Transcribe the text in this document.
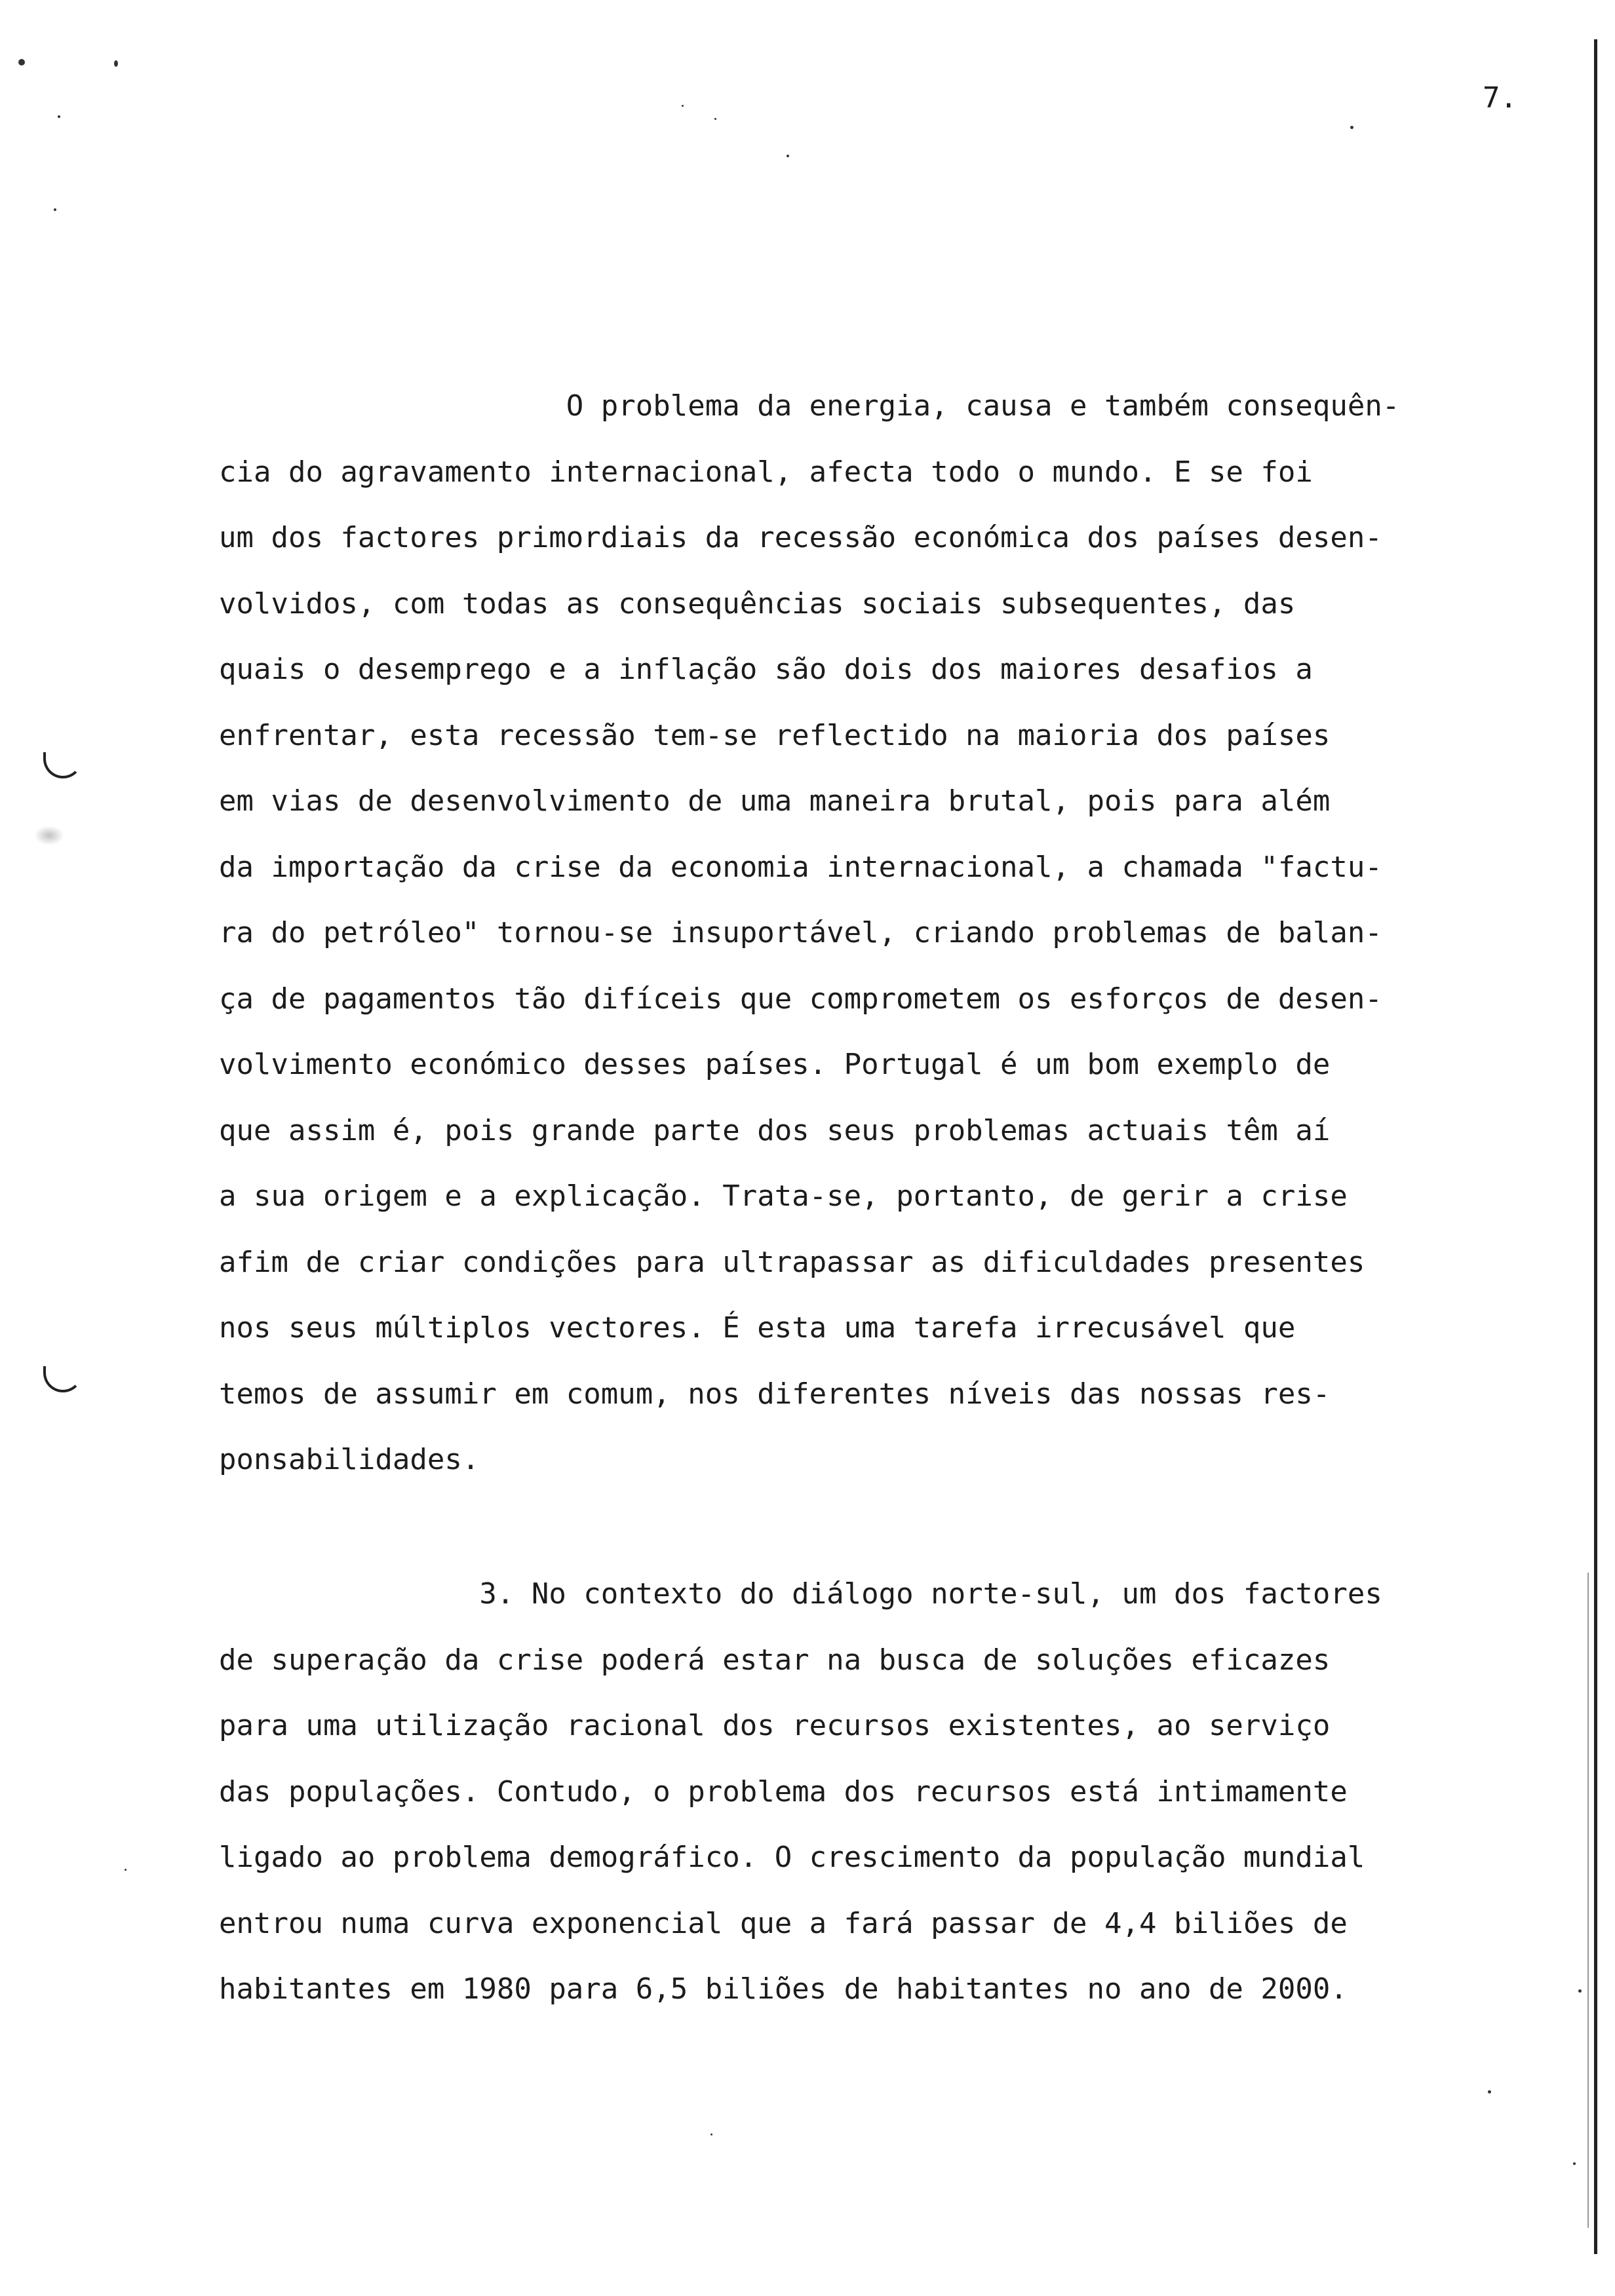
7.
O problema da energia, causa e também consequên-
cia do agravamento internacional, afecta todo o mundo. E se foi
um dos factores primordiais da recessão económica dos países desen-
volvidos, com todas as consequências sociais subsequentes, das
quais o desemprego e a inflação são dois dos maiores desafios a
enfrentar, esta recessão tem-se reflectido na maioria dos países
em vias de desenvolvimento de uma maneira brutal, pois para além
da importação da crise da economia internacional, a chamada "factu-
ra do petróleo" tornou-se insuportável, criando problemas de balan-
ça de pagamentos tão difíceis que comprometem os esforços de desen-
volvimento económico desses países. Portugal é um bom exemplo de
que assim é, pois grande parte dos seus problemas actuais têm aí
a sua origem e a explicação. Trata-se, portanto, de gerir a crise
afim de criar condições para ultrapassar as dificuldades presentes
nos seus múltiplos vectores. É esta uma tarefa irrecusável que
temos de assumir em comum, nos diferentes níveis das nossas res-
ponsabilidades.
3. No contexto do diálogo norte-sul, um dos factores
de superação da crise poderá estar na busca de soluções eficazes
para uma utilização racional dos recursos existentes, ao serviço
das populações. Contudo, o problema dos recursos está intimamente
ligado ao problema demográfico. O crescimento da população mundial
entrou numa curva exponencial que a fará passar de 4,4 biliões de
habitantes em 1980 para 6,5 biliões de habitantes no ano de 2000.
